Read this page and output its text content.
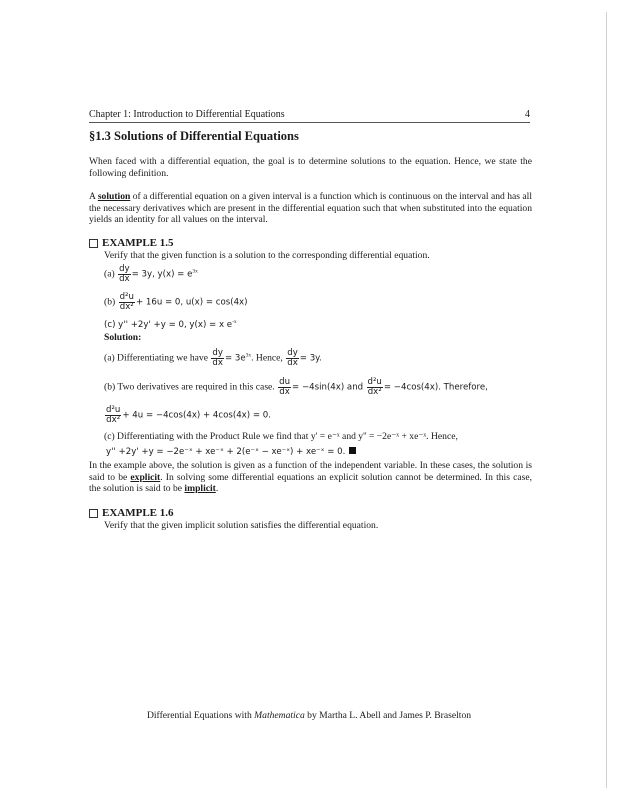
Chapter 1: Introduction to Differential Equations	4
§1.3 Solutions of Differential Equations
When faced with a differential equation, the goal is to determine solutions to the equation. Hence, we state the following definition.
A solution of a differential equation on a given interval is a function which is continuous on the interval and has all the necessary derivatives which are present in the differential equation such that when substituted into the equation yields an identity for all values on the interval.
EXAMPLE 1.5
Verify that the given function is a solution to the corresponding differential equation.
$(a) \frac{dy}{dx} = 3y$, $y(x) = e^{3x}$
$(b) \frac{\text{d²u}}{\text{dx²}} + 16u = 0$, u(x) = cos(4x)
(c) y'' +2y' +y = 0, y(x) = x $e^{-x}$
Solution:
(a) Differentiating we have $\frac{dy}{dx} = 3e^{3x}$. Hence, $\frac{dy}{dx} = 3y$.
(b) Two derivatives are required in this case. $\frac{du}{dx} = -4\sin(4x)$ and $\frac{\text{d²u}}{\text{dx²}} = -4\cos(4x)$. Therefore,
$\frac{\text{d²u}}{\text{dx²}} + 4u = -4\cos(4x) + 4\cos(4x) = 0$.
(c) Differentiating with the Product Rule we find that y' = e⁻ˣ and y'' = −2e⁻ˣ + xe⁻ˣ. Hence,
y'' +2y' +y = −2e⁻ˣ + xe⁻ˣ + 2(e⁻ˣ − xe⁻ˣ) + xe⁻ˣ = 0.
In the example above, the solution is given as a function of the independent variable. In these cases, the solution is said to be explicit. In solving some differential equations an explicit solution cannot be determined. In this case, the solution is said to be implicit.
EXAMPLE 1.6
Verify that the given implicit solution satisfies the differential equation.
Differential Equations with Mathematica by Martha L. Abell and James P. Braselton
